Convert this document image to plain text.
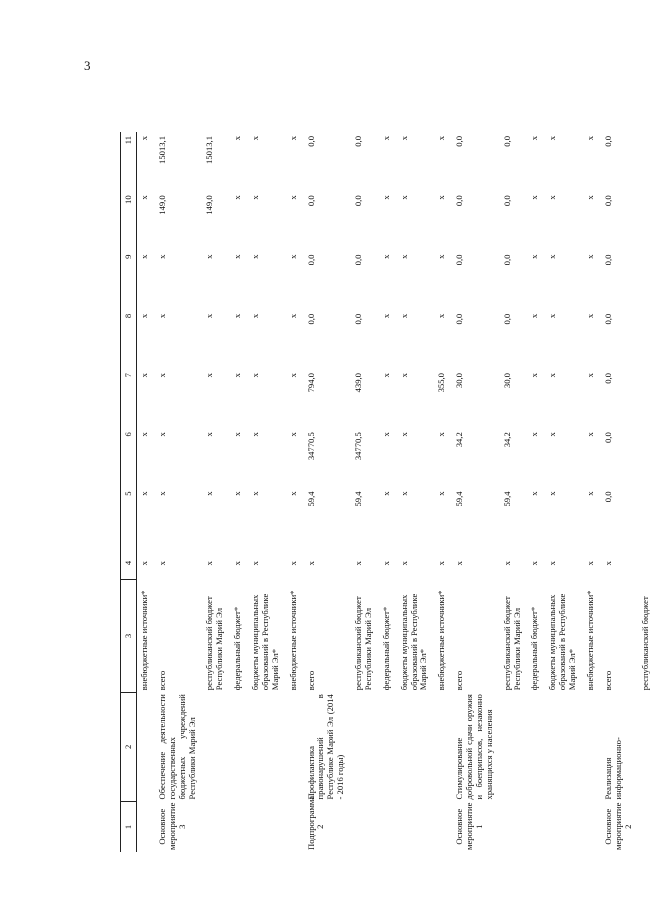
3
1	2	3	4	5	6	7	8	9	10	11
		внебюджетные источники*	x	x	x	x	x	x	x	x
Основное мероприятие 3	Обеспечение деятельности государственных бюджетных учреждений Республики Марий Эл	всего	x	x	x	x	x	x	149,0	15013,1
		республиканский бюджет Республики Марий Эл	x	x	x	x	x	x	149,0	15013,1
		федеральный бюджет*	x	x	x	x	x	x	x	x
		бюджеты муниципальных образований в Республике Марий Эл*	x	x	x	x	x	x	x	x
		внебюджетные источники*	x	x	x	x	x	x	x	x
Подпрограмма 2	Профилактика правонарушений в Республике Марий Эл (2014 - 2016 годы)	всего	x	59,4	34770,5	794,0	0,0	0,0	0,0	0,0
		республиканский бюджет Республики Марий Эл	x	59,4	34770,5	439,0	0,0	0,0	0,0	0,0
		федеральный бюджет*	x	x	x	x	x	x	x	x
		бюджеты муниципальных образований в Республике Марий Эл*	x	x	x	x	x	x	x	x
		внебюджетные источники*	x	x	x	355,0	x	x	x	x
Основное мероприятие 1	Стимулирование добровольной сдачи оружия и боеприпасов, незаконно хранящихся у населения	всего	x	59,4	34,2	30,0	0,0	0,0	0,0	0,0
		республиканский бюджет Республики Марий Эл	x	59,4	34,2	30,0	0,0	0,0	0,0	0,0
		федеральный бюджет*	x	x	x	x	x	x	x	x
		бюджеты муниципальных образований в Республике Марий Эл*	x	x	x	x	x	x	x	x
		внебюджетные источники*	x	x	x	x	x	x	x	x
Основное мероприятие 2	Реализация информационно-	всего	x	0,0	0,0	0,0	0,0	0,0	0,0	0,0
		республиканский бюджет								
